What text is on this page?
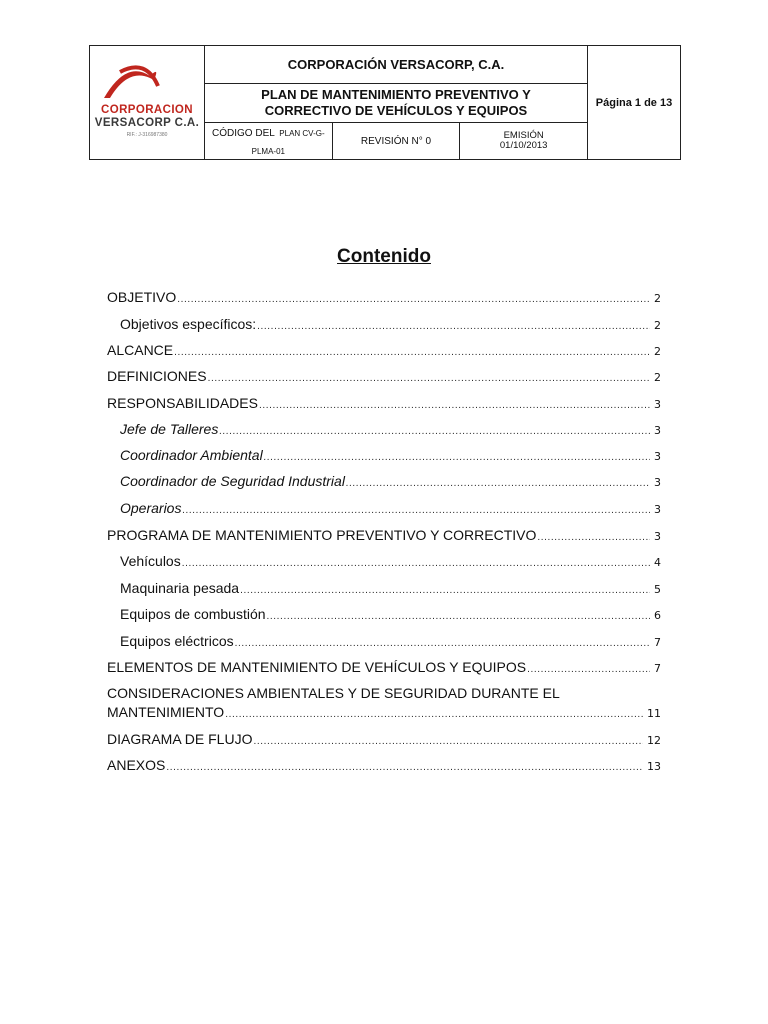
CORPORACION
VERSACORP C.A.
RIF.: J-316987380	CORPORACIÓN VERSACORP, C.A.			Página 1 de 13
	PLAN DE MANTENIMIENTO PREVENTIVO Y
CORRECTIVO DE VEHÍCULOS Y EQUIPOS			
	CÓDIGO DEL PLAN CV-G-PLMA-01	REVISIÓN N° 0	EMISIÓN
01/10/2013	
Contenido
OBJETIVO .....	2
Objetivos específicos: .....	2
ALCANCE .....	2
DEFINICIONES .....	2
RESPONSABILIDADES .....	3
Jefe de Talleres .....	3
Coordinador Ambiental .....	3
Coordinador de Seguridad Industrial .....	3
Operarios .....	3
PROGRAMA DE MANTENIMIENTO PREVENTIVO Y CORRECTIVO .....	3
Vehículos .....	4
Maquinaria pesada .....	5
Equipos de combustión .....	6
Equipos eléctricos .....	7
ELEMENTOS DE MANTENIMIENTO DE VEHÍCULOS Y EQUIPOS .....	7
CONSIDERACIONES AMBIENTALES Y DE SEGURIDAD DURANTE EL
MANTENIMIENTO .....	11
DIAGRAMA DE FLUJO .....	12
ANEXOS .....	13
